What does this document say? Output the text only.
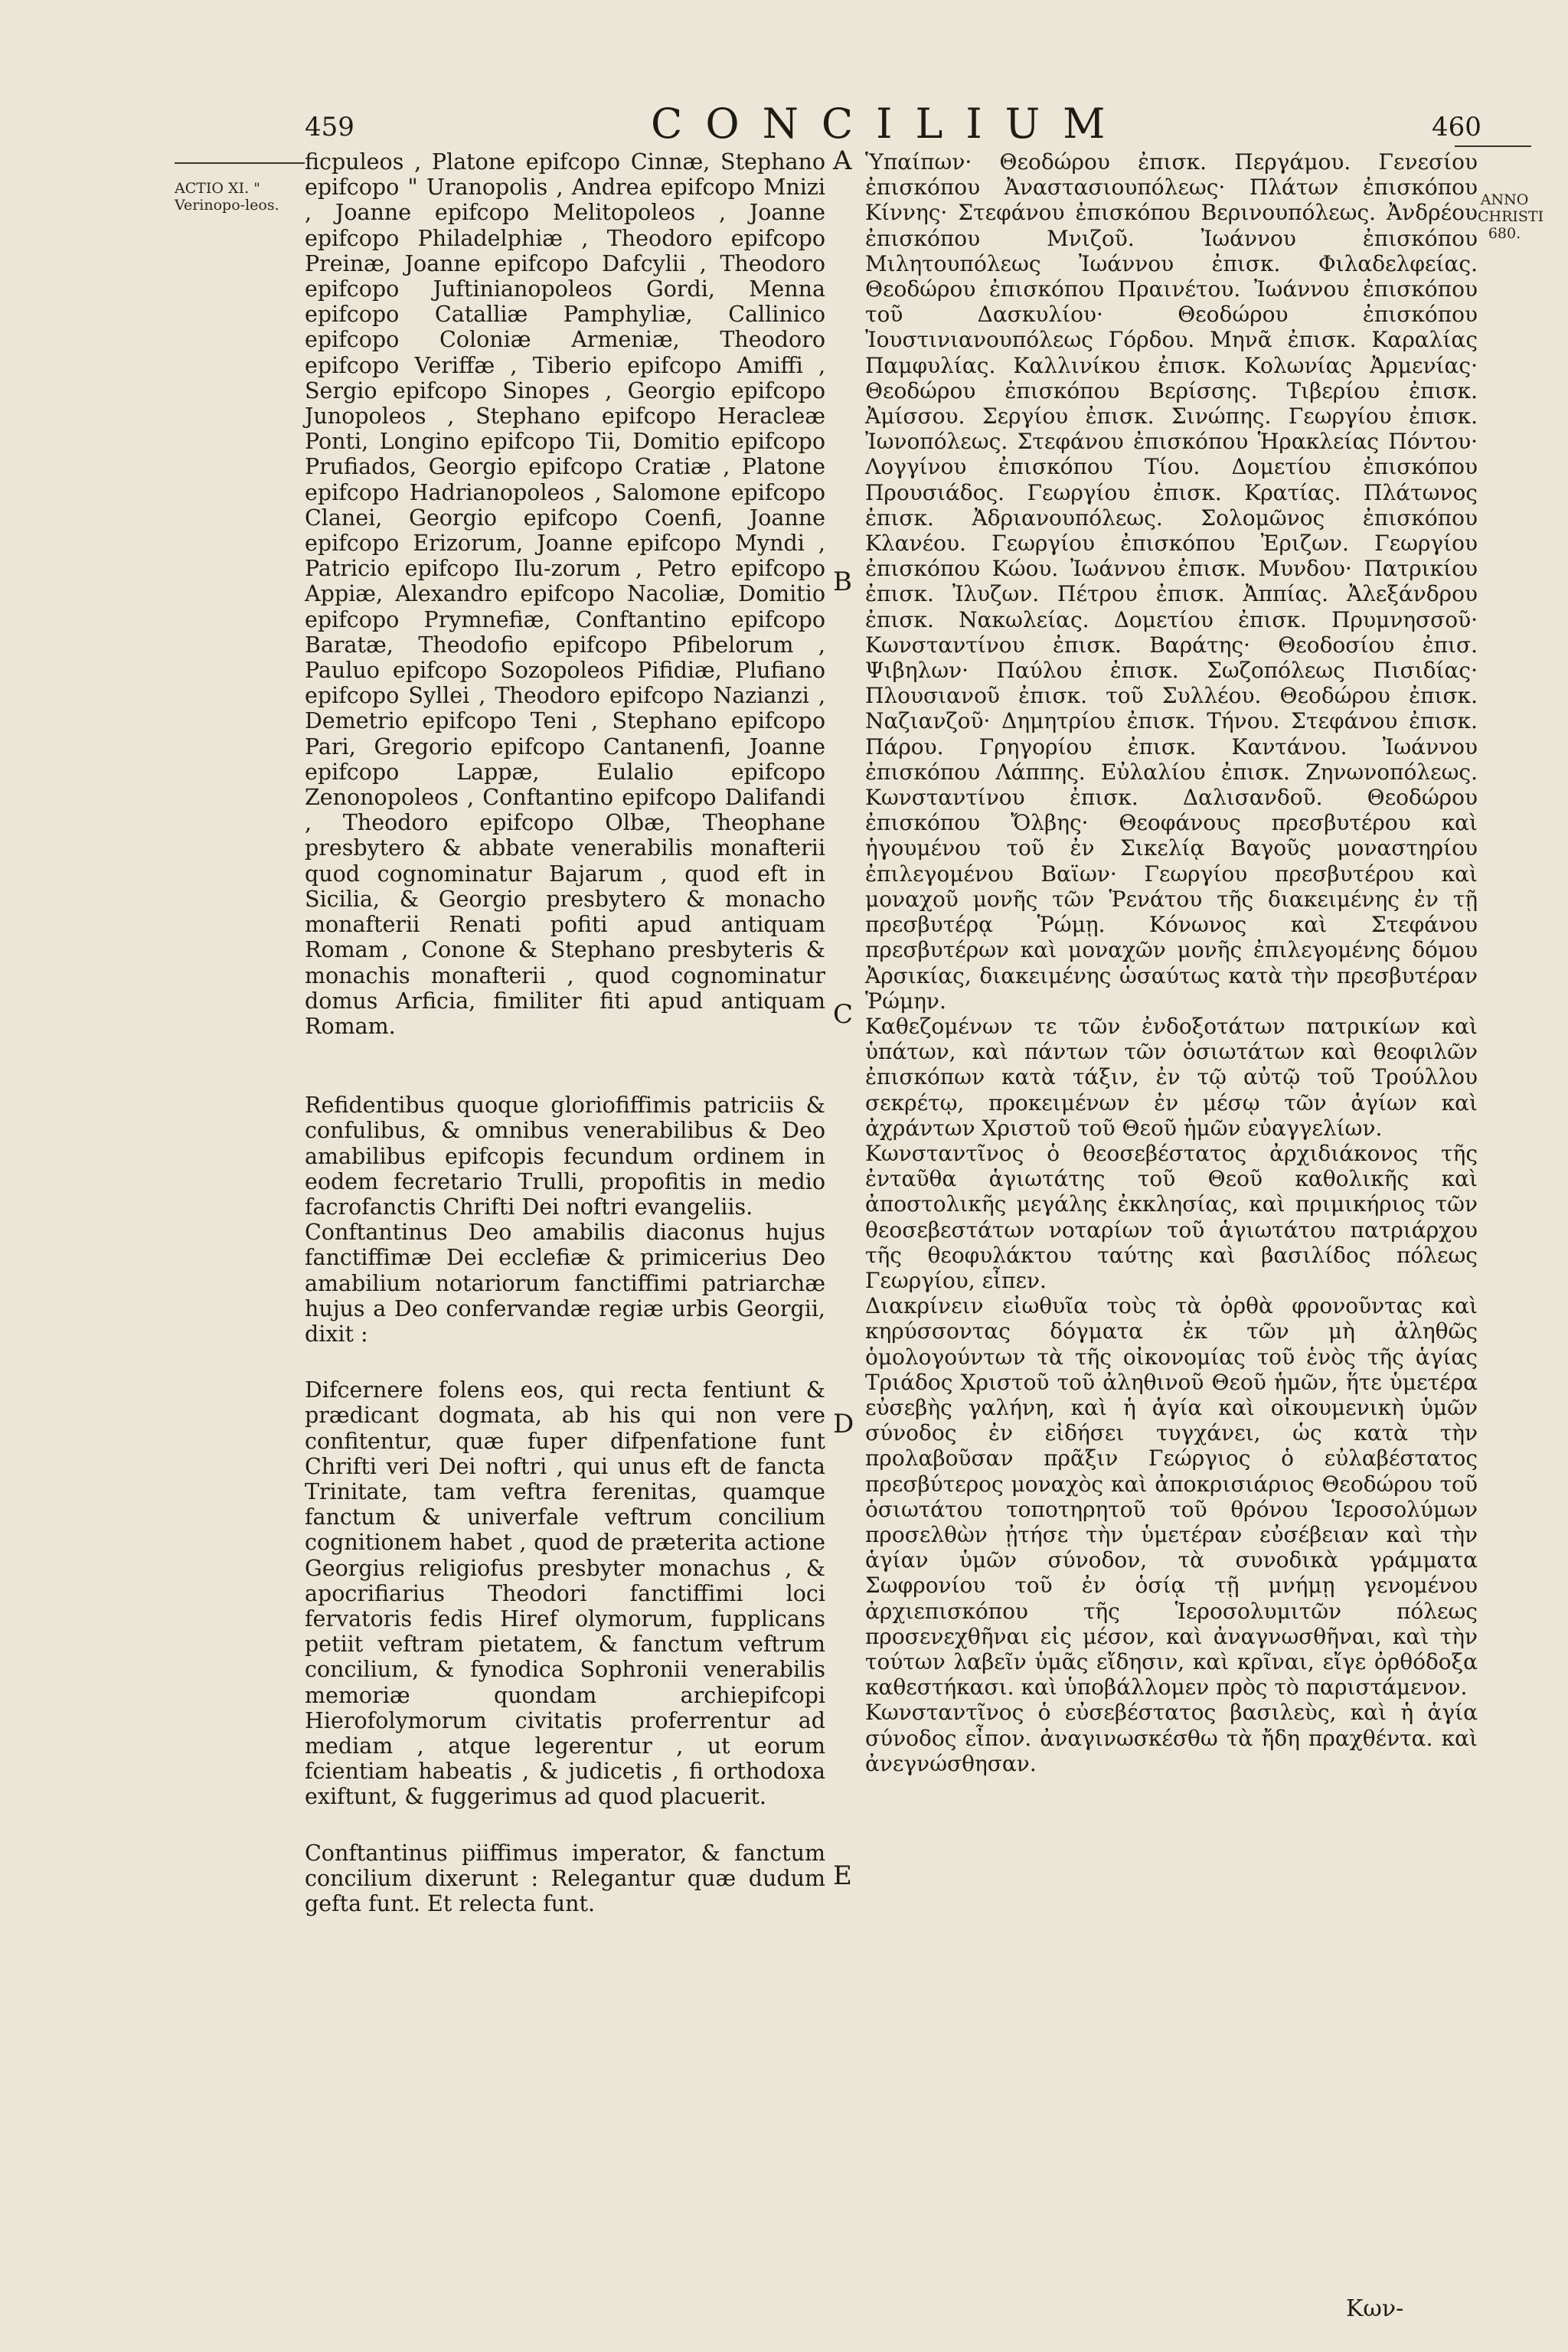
459	CONCILIUM	460
ACTIO XI. " Verinopo-leos.	ANNO CHRISTI 680.

ficpuleos , Platone epifcopo Cinnæ, Stephano epifcopo " Uranopolis , Andrea epifcopo Mnizi , Joanne epifcopo Melitopoleos , Joanne epifcopo Philadelphiæ , Theodoro epifcopo Preinæ, Joanne epifcopo Dafcylii , Theodoro epifcopo Juftinianopoleos Gordi, Menna epifcopo Catalliæ Pamphyliæ, Callinico epifcopo Coloniæ Armeniæ, Theodoro epifcopo Veriffæ , Tiberio epifcopo Amiffi , Sergio epifcopo Sinopes , Georgio epifcopo Junopoleos , Stephano epifcopo Heracleæ Ponti, Longino epifcopo Tii, Domitio epifcopo Prufiados, Georgio epifcopo Cratiæ , Platone epifcopo Hadrianopoleos , Salomone epifcopo Clanei, Georgio epifcopo Coenfi, Joanne epifcopo Erizorum, Joanne epifcopo Myndi , Patricio epifcopo Ilu-zorum , Petro epifcopo Appiæ, Alexandro epifcopo Nacoliæ, Domitio epifcopo Prymnefiæ, Conftantino epifcopo Baratæ, Theodofio epifcopo Pfibelorum , Pauluo epifcopo Sozopoleos Pifidiæ, Plufiano epifcopo Syllei , Theodoro epifcopo Nazianzi , Demetrio epifcopo Teni , Stephano epifcopo Pari, Gregorio epifcopo Cantanenfi, Joanne epifcopo Lappæ, Eulalio epifcopo Zenonopoleos , Conftantino epifcopo Dalifandi , Theodoro epifcopo Olbæ, Theophane presbytero & abbate venerabilis monafterii quod cognominatur Bajarum , quod eft in Sicilia, & Georgio presbytero & monacho monafterii Renati pofiti apud antiquam Romam , Conone & Stephano presbyteris & monachis monafterii , quod cognominatur domus Arficia, fimiliter fiti apud antiquam Romam.

Refidentibus quoque gloriofiffimis patriciis & confulibus, & omnibus venerabilibus & Deo amabilibus epifcopis fecundum ordinem in eodem fecretario Trulli, propofitis in medio facrofanctis Chrifti Dei noftri evangeliis.

Conftantinus Deo amabilis diaconus hujus fanctiffimæ Dei ecclefiæ & primicerius Deo amabilium notariorum fanctiffimi patriarchæ hujus a Deo confervandæ regiæ urbis Georgii, dixit :

Difcernere folens eos, qui recta fentiunt & prædicant dogmata, ab his qui non vere confitentur, quæ fuper difpenfatione funt Chrifti veri Dei noftri , qui unus eft de fancta Trinitate, tam veftra ferenitas, quamque fanctum & univerfale veftrum concilium cognitionem habet , quod de præterita actione Georgius religiofus presbyter monachus , & apocrifiarius Theodori fanctiffimi loci fervatoris fedis Hiref olymorum, fupplicans petiit veftram pietatem, & fanctum veftrum concilium, & fynodica Sophronii venerabilis memoriæ quondam archiepifcopi Hierofolymorum civitatis proferrentur ad mediam , atque legerentur , ut eorum fcientiam habeatis , & judicetis , fi orthodoxa exiftunt, & fuggerimus ad quod placuerit.

Conftantinus piiffimus imperator, & fanctum concilium dixerunt : Relegantur quæ dudum gefta funt. Et relecta funt.

A
B
C
D
E

Ὑπαίπων· Θεοδώρου ἐπισκ. Περγάμου. Γενεσίου ἐπισκόπου Ἀναστασιουπόλεως· Πλάτων ἐπισκόπου Κίννης· Στεφάνου ἐπισκόπου Βερινουπόλεως. Ἀνδρέου ἐπισκόπου Μνιζοῦ. Ἰωάννου ἐπισκόπου Μιλητουπόλεως Ἰωάννου ἐπισκ. Φιλαδελφείας. Θεοδώρου ἐπισκόπου Πραινέτου. Ἰωάννου ἐπισκόπου τοῦ Δασκυλίου· Θεοδώρου ἐπισκόπου Ἰουστινιανουπόλεως Γόρδου. Μηνᾶ ἐπισκ. Καραλίας Παμφυλίας. Καλλινίκου ἐπισκ. Κολωνίας Ἀρμενίας· Θεοδώρου ἐπισκόπου Βερίσσης. Τιβερίου ἐπισκ. Ἀμίσσου. Σεργίου ἐπισκ. Σινώπης. Γεωργίου ἐπισκ. Ἰωνοπόλεως. Στεφάνου ἐπισκόπου Ἡρακλείας Πόντου· Λογγίνου ἐπισκόπου Τίου. Δομετίου ἐπισκόπου Προυσιάδος. Γεωργίου ἐπισκ. Κρατίας. Πλάτωνος ἐπισκ. Ἀδριανουπόλεως. Σολομῶνος ἐπισκόπου Κλανέου. Γεωργίου ἐπισκόπου Ἐριζων. Γεωργίου ἐπισκόπου Κώου. Ἰωάννου ἐπισκ. Μυνδου· Πατρικίου ἐπισκ. Ἰλυζων. Πέτρου ἐπισκ. Ἀππίας. Ἀλεξάνδρου ἐπισκ. Νακωλείας. Δομετίου ἐπισκ. Πρυμνησσοῦ· Κωνσταντίνου ἐπισκ. Βαράτης· Θεοδοσίου ἐπισ. Ψιβηλων· Παύλου ἐπισκ. Σωζοπόλεως Πισιδίας· Πλουσιανοῦ ἐπισκ. τοῦ Συλλέου. Θεοδώρου ἐπισκ. Ναζιανζοῦ· Δημητρίου ἐπισκ. Τήνου. Στεφάνου ἐπισκ. Πάρου. Γρηγορίου ἐπισκ. Καντάνου. Ἰωάννου ἐπισκόπου Λάππης. Εὐλαλίου ἐπισκ. Ζηνωνοπόλεως. Κωνσταντίνου ἐπισκ. Δαλισανδοῦ. Θεοδώρου ἐπισκόπου Ὄλβης· Θεοφάνους πρεσβυτέρου καὶ ἡγουμένου τοῦ ἐν Σικελίᾳ Βαγοῦς μοναστηρίου ἐπιλεγομένου Βαϊων· Γεωργίου πρεσβυτέρου καὶ μοναχοῦ μονῆς τῶν Ῥενάτου τῆς διακειμένης ἐν τῇ πρεσβυτέρᾳ Ῥώμῃ. Κόνωνος καὶ Στεφάνου πρεσβυτέρων καὶ μοναχῶν μονῆς ἐπιλεγομένης δόμου Ἀρσικίας, διακειμένης ὡσαύτως κατὰ τὴν πρεσβυτέραν Ῥώμην.

Καθεζομένων τε τῶν ἐνδοξοτάτων πατρικίων καὶ ὑπάτων, καὶ πάντων τῶν ὁσιωτάτων καὶ θεοφιλῶν ἐπισκόπων κατὰ τάξιν, ἐν τῷ αὐτῷ τοῦ Τρούλλου σεκρέτῳ, προκειμένων ἐν μέσῳ τῶν ἁγίων καὶ ἀχράντων Χριστοῦ τοῦ Θεοῦ ἡμῶν εὐαγγελίων.

Κωνσταντῖνος ὁ θεοσεβέστατος ἀρχιδιάκονος τῆς ἐνταῦθα ἁγιωτάτης τοῦ Θεοῦ καθολικῆς καὶ ἀποστολικῆς μεγάλης ἐκκλησίας, καὶ πριμικήριος τῶν θεοσεβεστάτων νοταρίων τοῦ ἁγιωτάτου πατριάρχου τῆς θεοφυλάκτου ταύτης καὶ βασιλίδος πόλεως Γεωργίου, εἶπεν.

Διακρίνειν εἰωθυῖα τοὺς τὰ ὀρθὰ φρονοῦντας καὶ κηρύσσοντας δόγματα ἐκ τῶν μὴ ἀληθῶς ὁμολογούντων τὰ τῆς οἰκονομίας τοῦ ἑνὸς τῆς ἁγίας Τριάδος Χριστοῦ τοῦ ἀληθινοῦ Θεοῦ ἡμῶν, ἥτε ὑμετέρα εὐσεβὴς γαλήνη, καὶ ἡ ἁγία καὶ οἰκουμενικὴ ὑμῶν σύνοδος ἐν εἰδήσει τυγχάνει, ὡς κατὰ τὴν προλαβοῦσαν πρᾶξιν Γεώργιος ὁ εὐλαβέστατος πρεσβύτερος μοναχὸς καὶ ἀποκρισιάριος Θεοδώρου τοῦ ὁσιωτάτου τοποτηρητοῦ τοῦ θρόνου Ἱεροσολύμων προσελθὼν ᾐτήσε τὴν ὑμετέραν εὐσέβειαν καὶ τὴν ἁγίαν ὑμῶν σύνοδον, τὰ συνοδικὰ γράμματα Σωφρονίου τοῦ ἐν ὁσίᾳ τῇ μνήμῃ γενομένου ἀρχιεπισκόπου τῆς Ἱεροσολυμιτῶν πόλεως προσενεχθῆναι εἰς μέσον, καὶ ἀναγνωσθῆναι, καὶ τὴν τούτων λαβεῖν ὑμᾶς εἴδησιν, καὶ κρῖναι, εἴγε ὀρθόδοξα καθεστήκασι. καὶ ὑποβάλλομεν πρὸς τὸ παριστάμενον.

Κωνσταντῖνος ὁ εὐσεβέστατος βασιλεὺς, καὶ ἡ ἁγία σύνοδος εἶπον. ἀναγινωσκέσθω τὰ ἤδη πραχθέντα. καὶ ἀνεγνώσθησαν.

Κων-
